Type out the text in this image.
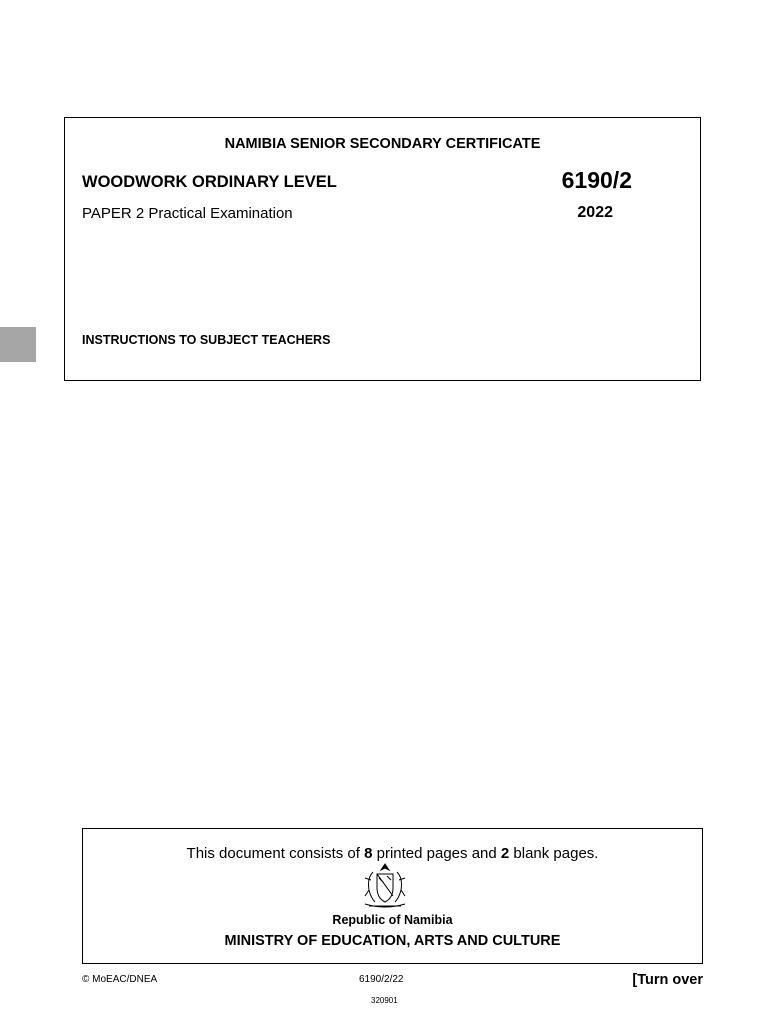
NAMIBIA SENIOR SECONDARY CERTIFICATE
WOODWORK ORDINARY LEVEL	6190/2
PAPER 2 Practical Examination	2022
INSTRUCTIONS TO SUBJECT TEACHERS
This document consists of 8 printed pages and 2 blank pages.
Republic of Namibia
MINISTRY OF EDUCATION, ARTS AND CULTURE
© MoEAC/DNEA	6190/2/22	[Turn over
320901
